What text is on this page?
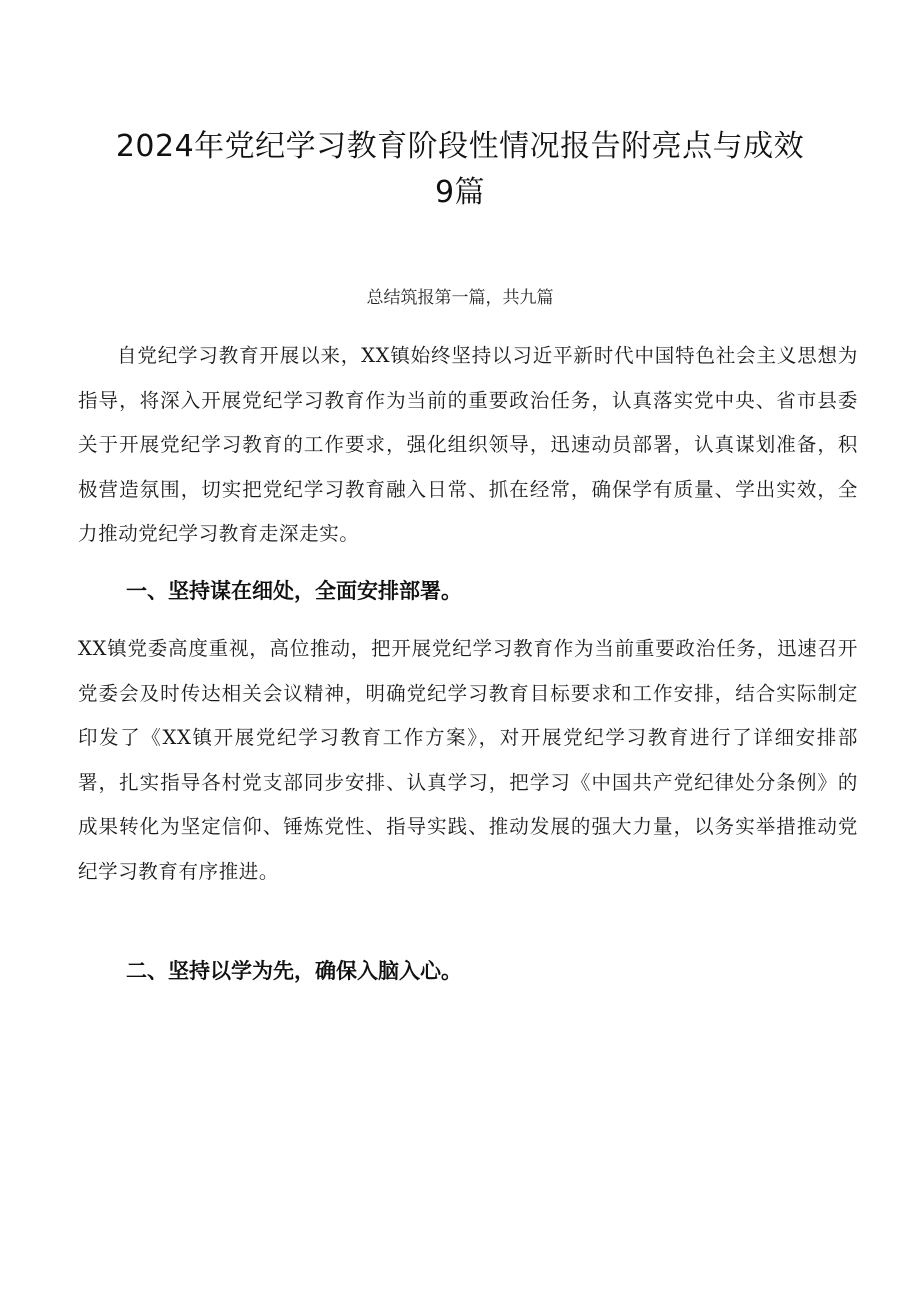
2024年党纪学习教育阶段性情况报告附亮点与成效
9篇
总结筑报第一篇，共九篇

自党纪学习教育开展以来，XX镇始终坚持以习近平新时代中国特色社会主义思想为指导，将深入开展党纪学习教育作为当前的重要政治任务，认真落实党中央、省市县委关于开展党纪学习教育的工作要求，强化组织领导，迅速动员部署，认真谋划准备，积极营造氛围，切实把党纪学习教育融入日常、抓在经常，确保学有质量、学出实效，全力推动党纪学习教育走深走实。

一、坚持谋在细处，全面安排部署。

XX镇党委高度重视，高位推动，把开展党纪学习教育作为当前重要政治任务，迅速召开党委会及时传达相关会议精神，明确党纪学习教育目标要求和工作安排，结合实际制定印发了《XX镇开展党纪学习教育工作方案》，对开展党纪学习教育进行了详细安排部署，扎实指导各村党支部同步安排、认真学习，把学习《中国共产党纪律处分条例》的成果转化为坚定信仰、锤炼党性、指导实践、推动发展的强大力量，以务实举措推动党纪学习教育有序推进。

二、坚持以学为先，确保入脑入心。
